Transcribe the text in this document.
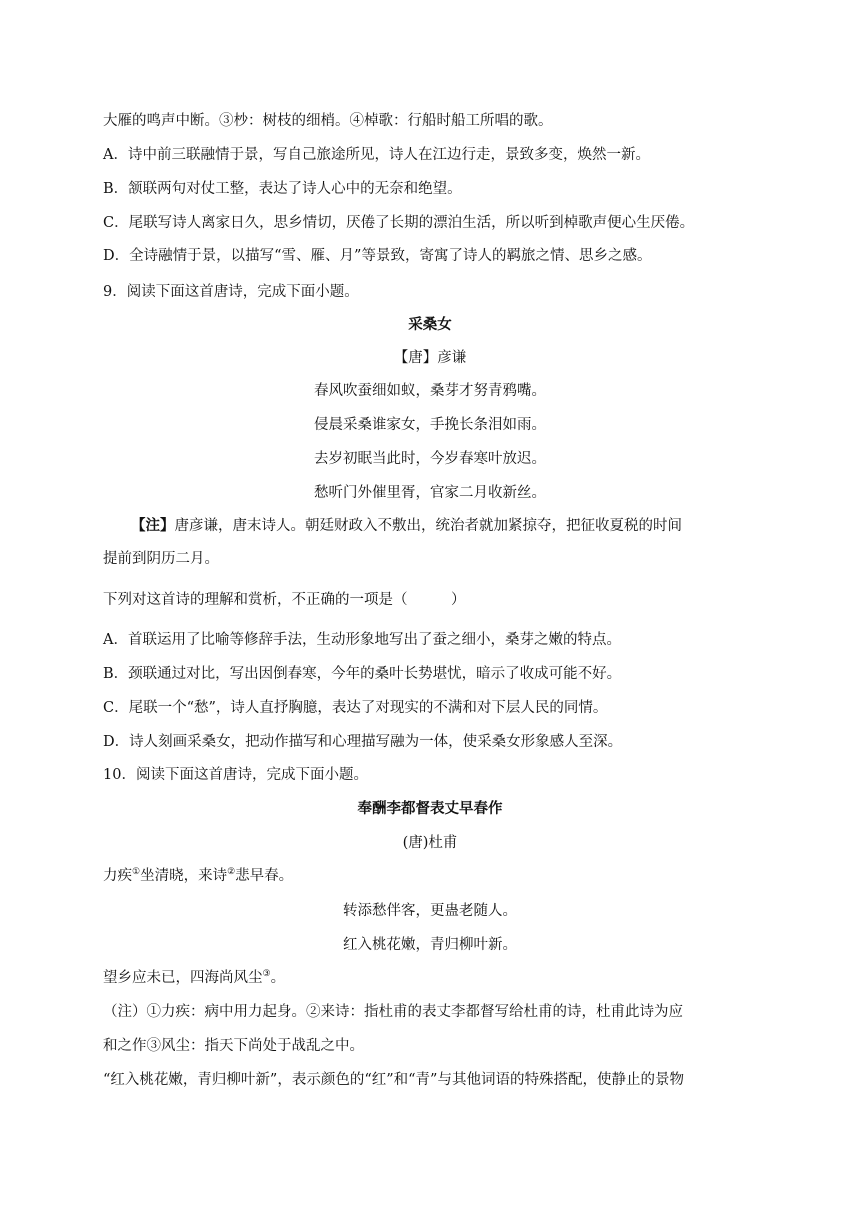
大雁的鸣声中断。③杪：树枝的细梢。④棹歌：行船时船工所唱的歌。
A．诗中前三联融情于景，写自己旅途所见，诗人在江边行走，景致多变，焕然一新。
B．颔联两句对仗工整，表达了诗人心中的无奈和绝望。
C．尾联写诗人离家日久，思乡情切，厌倦了长期的漂泊生活，所以听到棹歌声便心生厌倦。
D．全诗融情于景，以描写“雪、雁、月”等景致，寄寓了诗人的羁旅之情、思乡之感。
9．阅读下面这首唐诗，完成下面小题。
采桑女
【唐】彦谦
春风吹蚕细如蚁，桑芽才努青鸦嘴。
侵晨采桑谁家女，手挽长条泪如雨。
去岁初眠当此时，今岁春寒叶放迟。
愁听门外催里胥，官家二月收新丝。
【注】唐彦谦，唐末诗人。朝廷财政入不敷出，统治者就加紧掠夺，把征收夏税的时间
提前到阴历二月。
下列对这首诗的理解和赏析，不正确的一项是（　　　）
A．首联运用了比喻等修辞手法，生动形象地写出了蚕之细小，桑芽之嫩的特点。
B．颈联通过对比，写出因倒春寒，今年的桑叶长势堪忧，暗示了收成可能不好。
C．尾联一个“愁”，诗人直抒胸臆，表达了对现实的不满和对下层人民的同情。
D．诗人刻画采桑女，把动作描写和心理描写融为一体，使采桑女形象感人至深。
10．阅读下面这首唐诗，完成下面小题。
奉酬李都督表丈早春作
(唐)杜甫
力疾①坐清晓，来诗②悲早春。
转添愁伴客，更蛊老随人。
红入桃花嫩，青归柳叶新。
望乡应未已，四海尚风尘③。
（注）①力疾：病中用力起身。②来诗：指杜甫的表丈李都督写给杜甫的诗，杜甫此诗为应
和之作③风尘：指天下尚处于战乱之中。
“红入桃花嫩，青归柳叶新”，表示颜色的“红”和“青”与其他词语的特殊搭配，使静止的景物
